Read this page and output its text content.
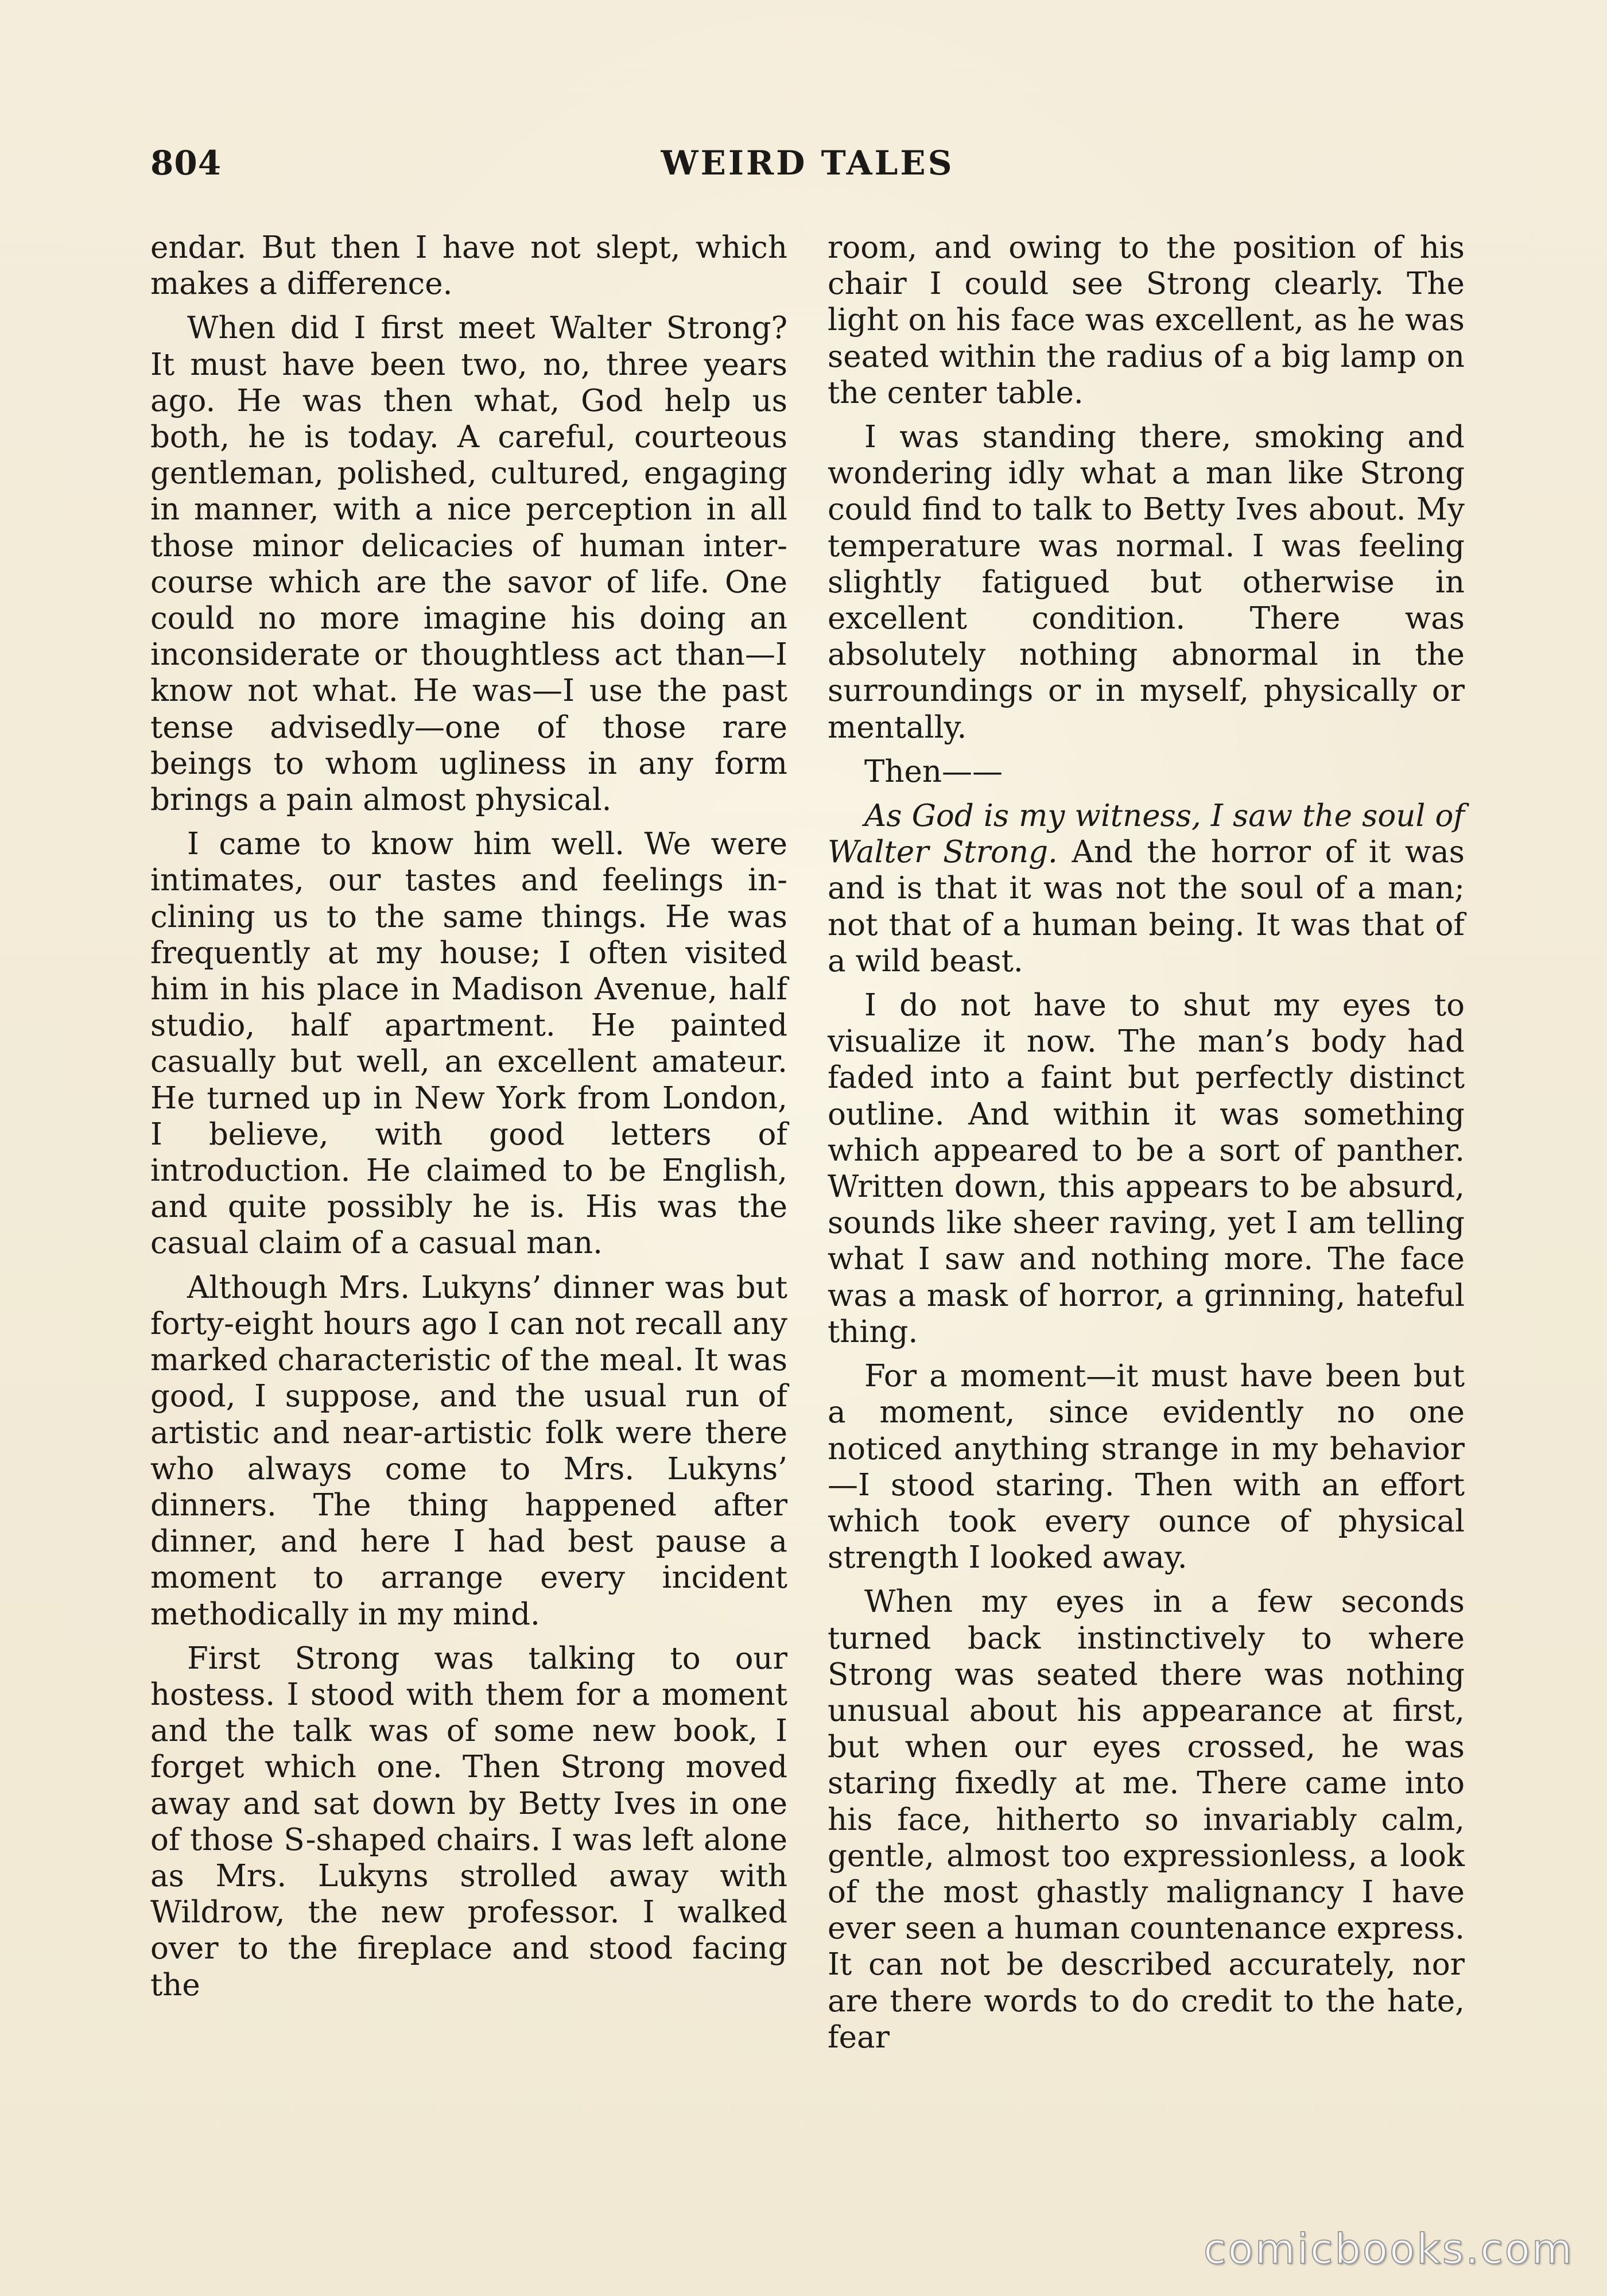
804	WEIRD TALES

endar. But then I have not slept, which makes a difference.

When did I first meet Walter Strong? It must have been two, no, three years ago. He was then what, God help us both, he is today. A careful, courteous gentleman, polished, cultured, engaging in manner, with a nice perception in all those minor delicacies of human intercourse which are the savor of life. One could no more imagine his doing an inconsiderate or thoughtless act than—I know not what. He was—I use the past tense advisedly—one of those rare beings to whom ugliness in any form brings a pain almost physical.

I came to know him well. We were intimates, our tastes and feelings inclining us to the same things. He was frequently at my house; I often visited him in his place in Madison Avenue, half studio, half apartment. He painted casually but well, an excellent amateur. He turned up in New York from London, I believe, with good letters of introduction. He claimed to be English, and quite possibly he is. His was the casual claim of a casual man.

Although Mrs. Lukyns’ dinner was but forty-eight hours ago I can not recall any marked characteristic of the meal. It was good, I suppose, and the usual run of artistic and near-artistic folk were there who always come to Mrs. Lukyns’ dinners. The thing happened after dinner, and here I had best pause a moment to arrange every incident methodically in my mind.

First Strong was talking to our hostess. I stood with them for a moment and the talk was of some new book, I forget which one. Then Strong moved away and sat down by Betty Ives in one of those S-shaped chairs. I was left alone as Mrs. Lukyns strolled away with Wildrow, the new professor. I walked over to the fireplace and stood facing the

room, and owing to the position of his chair I could see Strong clearly. The light on his face was excellent, as he was seated within the radius of a big lamp on the center table.

I was standing there, smoking and wondering idly what a man like Strong could find to talk to Betty Ives about. My temperature was normal. I was feeling slightly fatigued but otherwise in excellent condition. There was absolutely nothing abnormal in the surroundings or in myself, physically or mentally.

Then——

As God is my witness, I saw the soul of Walter Strong. And the horror of it was and is that it was not the soul of a man; not that of a human being. It was that of a wild beast.

I do not have to shut my eyes to visualize it now. The man’s body had faded into a faint but perfectly distinct outline. And within it was something which appeared to be a sort of panther. Written down, this appears to be absurd, sounds like sheer raving, yet I am telling what I saw and nothing more. The face was a mask of horror, a grinning, hateful thing.

For a moment—it must have been but a moment, since evidently no one noticed anything strange in my behavior—I stood staring. Then with an effort which took every ounce of physical strength I looked away.

When my eyes in a few seconds turned back instinctively to where Strong was seated there was nothing unusual about his appearance at first, but when our eyes crossed, he was staring fixedly at me. There came into his face, hitherto so invariably calm, gentle, almost too expressionless, a look of the most ghastly malignancy I have ever seen a human countenance express. It can not be described accurately, nor are there words to do credit to the hate, fear

comicbooks.com
